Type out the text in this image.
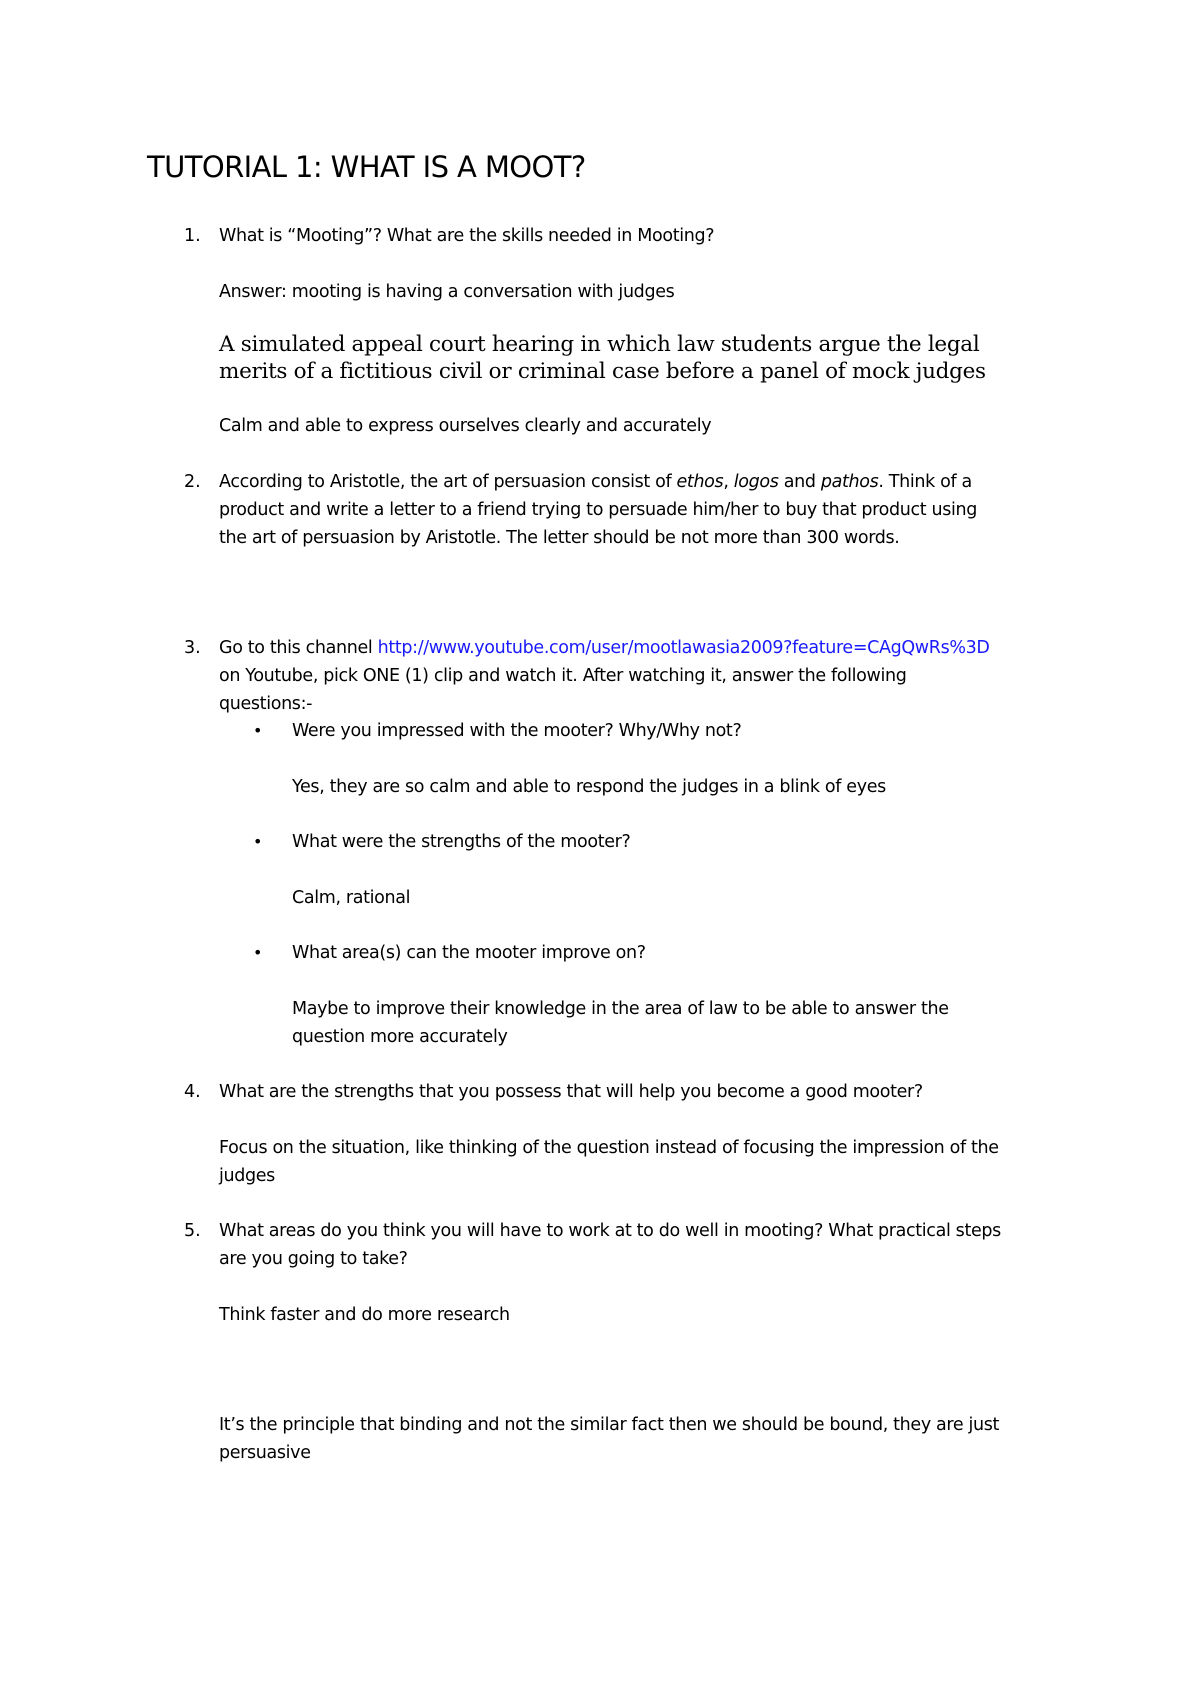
TUTORIAL 1: WHAT IS A MOOT?
1. What is “Mooting”? What are the skills needed in Mooting?
Answer: mooting is having a conversation with judges
A simulated appeal court hearing in which law students argue the legal
merits of a fictitious civil or criminal case before a panel of mock judges
Calm and able to express ourselves clearly and accurately
2. According to Aristotle, the art of persuasion consist of ethos, logos and pathos. Think of a
product and write a letter to a friend trying to persuade him/her to buy that product using
the art of persuasion by Aristotle. The letter should be not more than 300 words.
3. Go to this channel http://www.youtube.com/user/mootlawasia2009?feature=CAgQwRs%3D
on Youtube, pick ONE (1) clip and watch it. After watching it, answer the following
questions:-
• Were you impressed with the mooter? Why/Why not?
Yes, they are so calm and able to respond the judges in a blink of eyes
• What were the strengths of the mooter?
Calm, rational
• What area(s) can the mooter improve on?
Maybe to improve their knowledge in the area of law to be able to answer the
question more accurately
4. What are the strengths that you possess that will help you become a good mooter?
Focus on the situation, like thinking of the question instead of focusing the impression of the
judges
5. What areas do you think you will have to work at to do well in mooting? What practical steps
are you going to take?
Think faster and do more research
It’s the principle that binding and not the similar fact then we should be bound, they are just
persuasive
